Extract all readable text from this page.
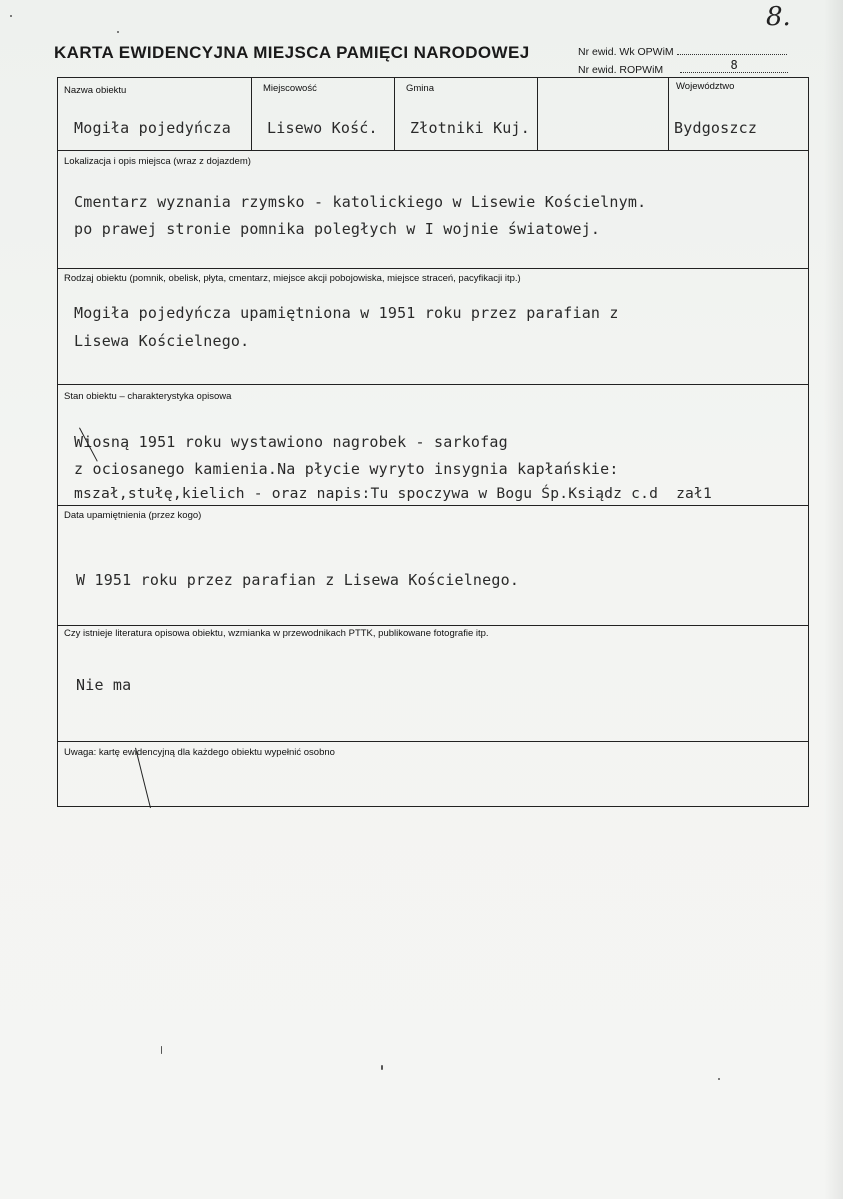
8.
KARTA EWIDENCYJNA MIEJSCA PAMIĘCI NARODOWEJ	Nr ewid. Wk OPWiM
Nr ewid. ROPWiM	8
Nazwa obiektu
Mogiła pojedyńcza
Miejscowość
Lisewo Kość.
Gmina
Złotniki Kuj.
Województwo
Bydgoszcz
Lokalizacja i opis miejsca (wraz z dojazdem)
Cmentarz wyznania rzymsko - katolickiego w Lisewie Kościelnym.
po prawej stronie pomnika poległych w I wojnie światowej.
Rodzaj obiektu (pomnik, obelisk, płyta, cmentarz, miejsce akcji pobojowiska, miejsce straceń, pacyfikacji itp.)
Mogiła pojedyńcza upamiętniona w 1951 roku przez parafian z
Lisewa Kościelnego.
Stan obiektu – charakterystyka opisowa
Wiosną 1951 roku wystawiono nagrobek - sarkofag
z ociosanego kamienia.Na płycie wyryto insygnia kapłańskie:
mszał,stułę,kielich - oraz napis:Tu spoczywa w Bogu Śp.Ksiądz c.d  zał1
Data upamiętnienia (przez kogo)
W 1951 roku przez parafian z Lisewa Kościelnego.
Czy istnieje literatura opisowa obiektu, wzmianka w przewodnikach PTTK, publikowane fotografie itp.
Nie ma
Uwaga: kartę ewidencyjną dla każdego obiektu wypełnić osobno
